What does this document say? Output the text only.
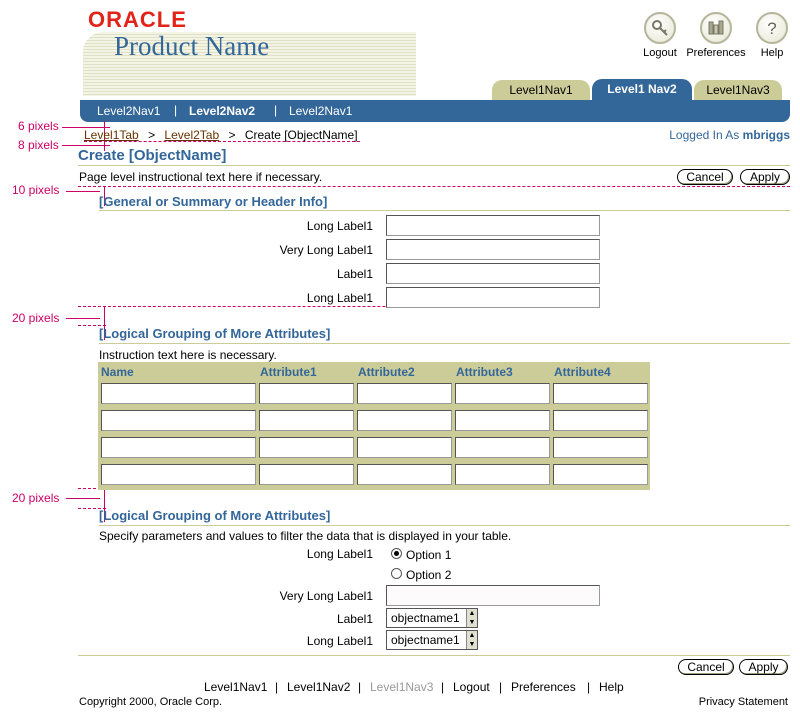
ORACLE
Product Name	Logout Preferences
?
Help
Level1Nav1	Level1 Nav2	Level1Nav3
Level2Nav1 | Level2Nav2 | Level2Nav1
6 pixels
8 pixels
10 pixels
20 pixels
20 pixels
Level1Tab > Level2Tab > Create [ObjectName]	Logged In As mbriggs
Create [ObjectName]
Page level instructional text here if necessary.	Cancel	Apply
[General or Summary or Header Info]
Long Label1
Very Long Label1
Label1
Long Label1
[Logical Grouping of More Attributes]
Instruction text here is necessary.
Name	Attribute1	Attribute2	Attribute3	Attribute4
[Logical Grouping of More Attributes]
Specify parameters and values to filter the data that is displayed in your table.
Long Label1	Option 1
Option 2
Very Long Label1
Label1	objectname1	▲
▼
Long Label1	objectname1	▲
▼
Cancel	Apply
Level1Nav1 | Level1Nav2 | Level1Nav3 | Logout | Preferences | Help
Copyright 2000, Oracle Corp.	Privacy Statement
